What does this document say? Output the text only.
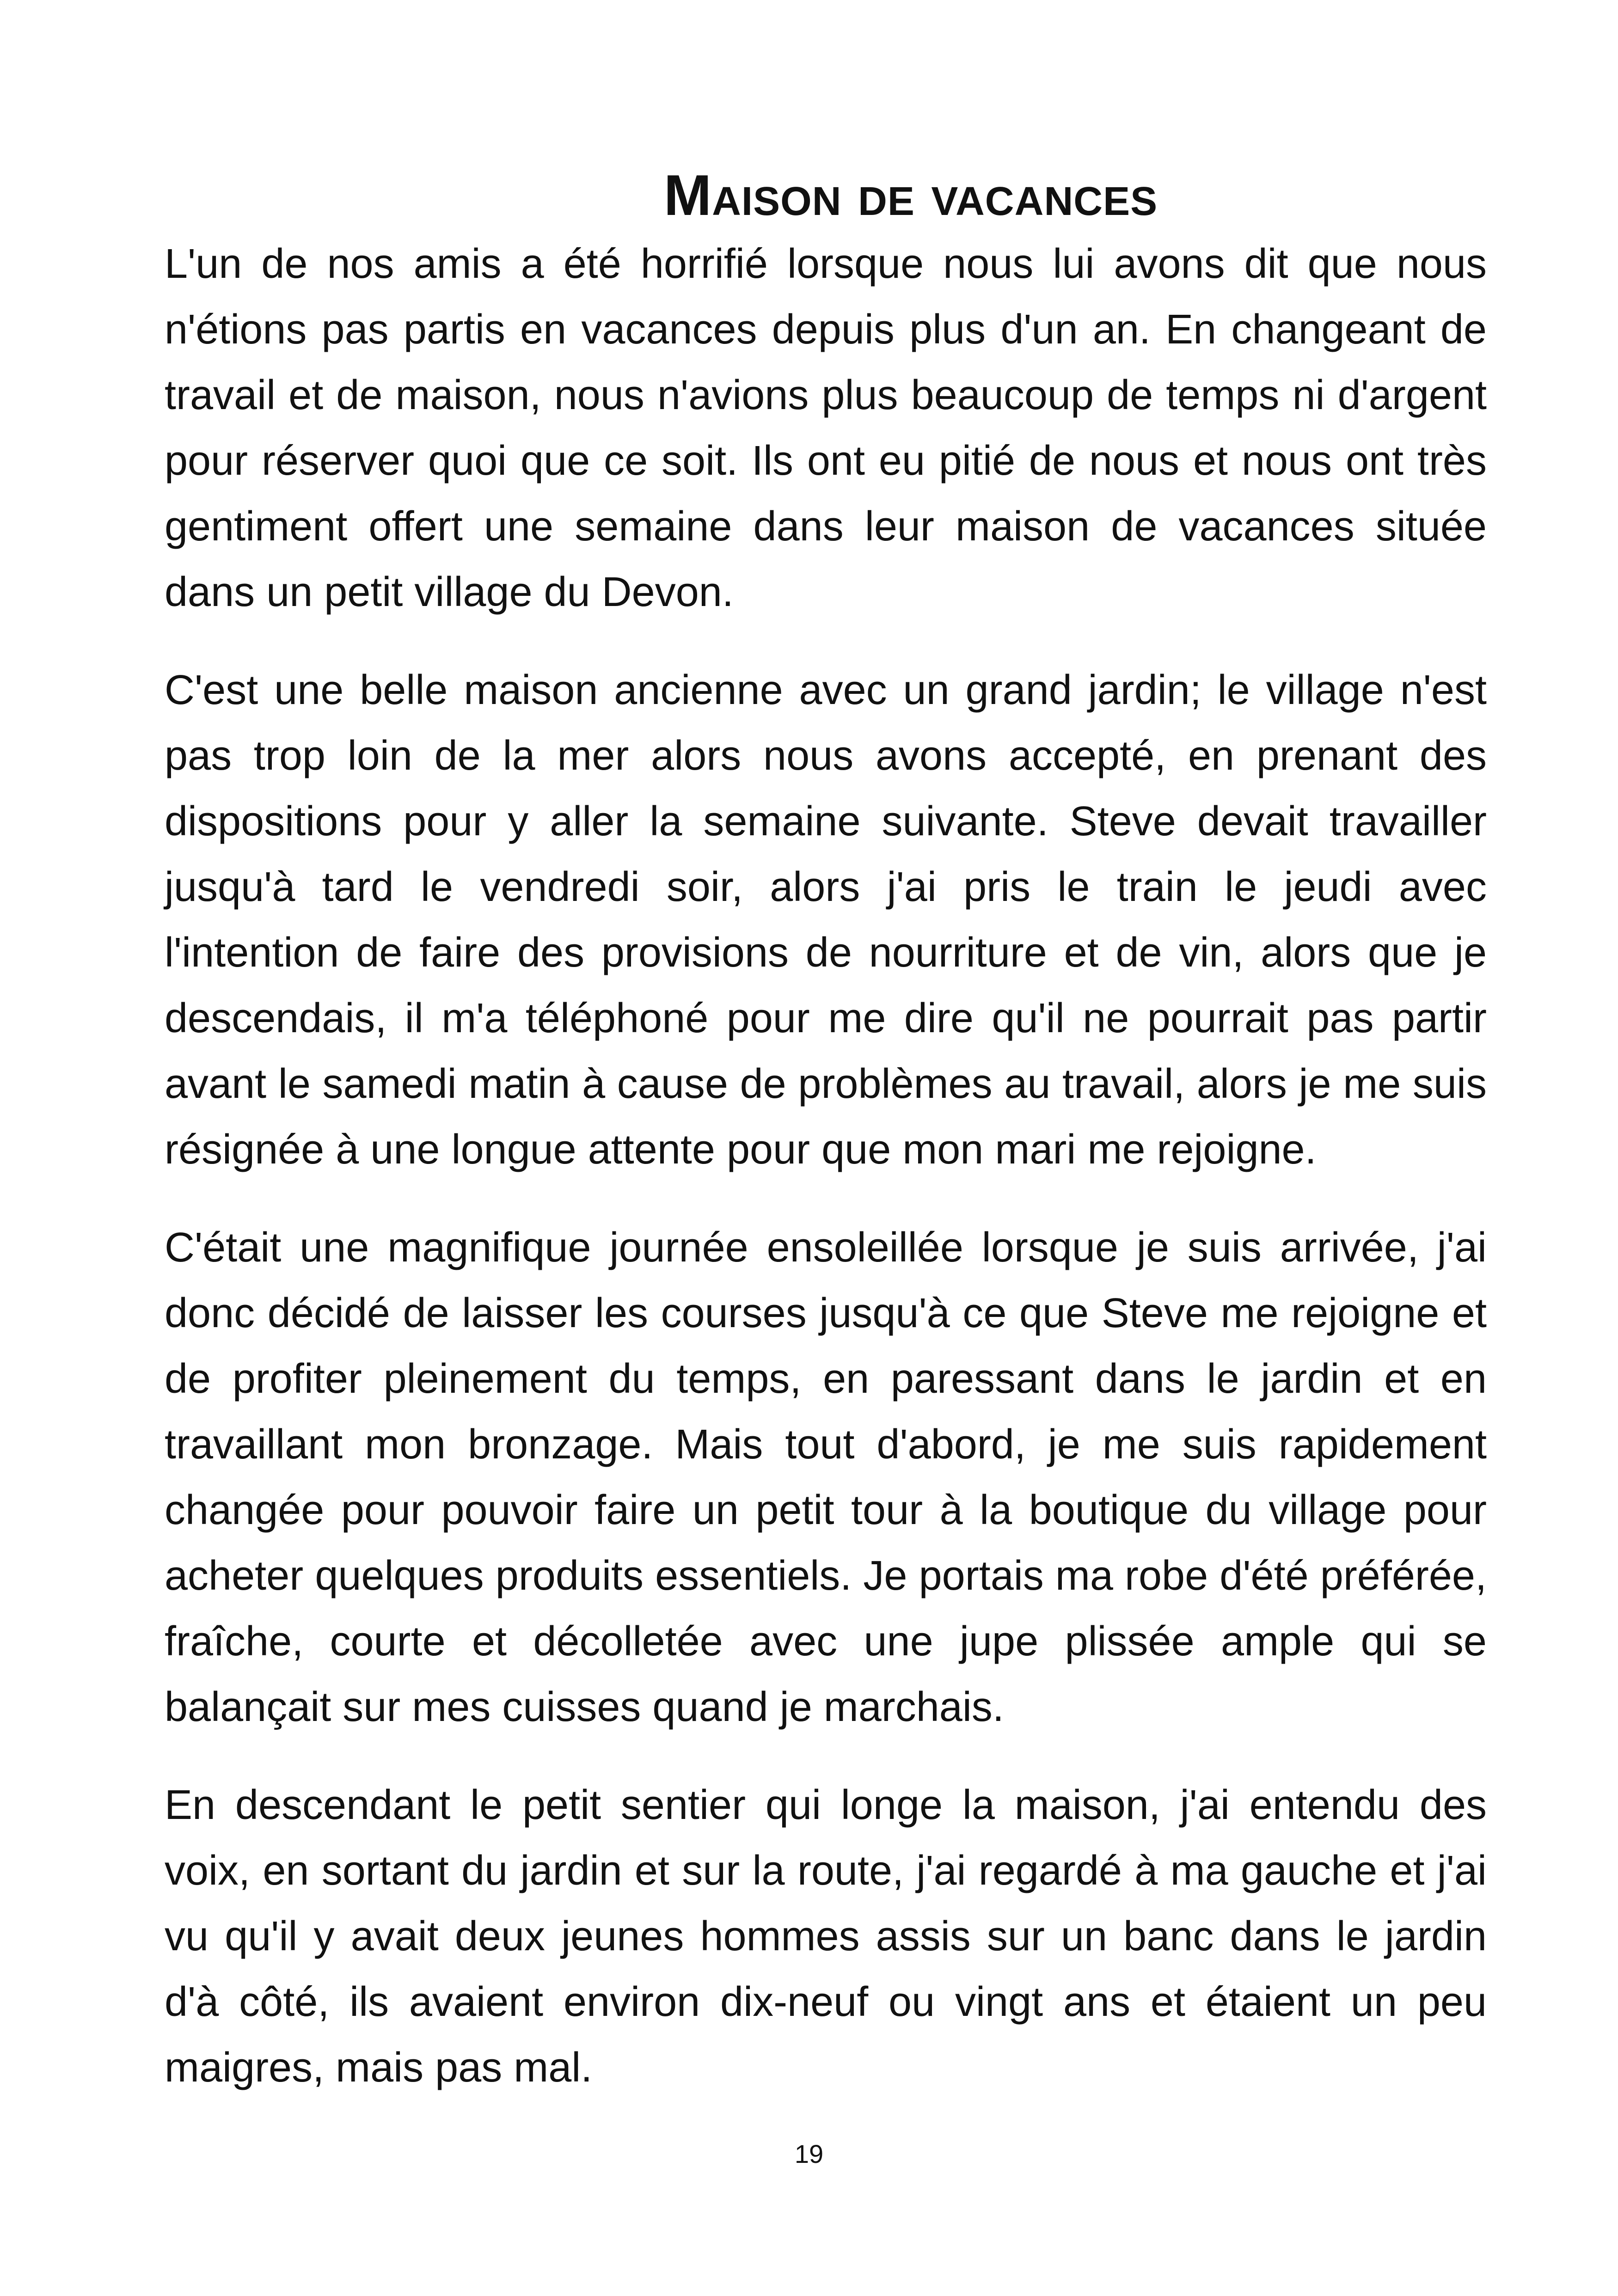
Maison de vacances

L'un de nos amis a été horrifié lorsque nous lui avons dit que nous n'étions pas partis en vacances depuis plus d'un an. En changeant de travail et de maison, nous n'avions plus beaucoup de temps ni d'argent pour réserver quoi que ce soit. Ils ont eu pitié de nous et nous ont très gentiment offert une semaine dans leur maison de vacances située dans un petit village du Devon.

C'est une belle maison ancienne avec un grand jardin; le village n'est pas trop loin de la mer alors nous avons accepté, en prenant des dispositions pour y aller la semaine suivante. Steve devait travailler jusqu'à tard le vendredi soir, alors j'ai pris le train le jeudi avec l'intention de faire des provisions de nourriture et de vin, alors que je descendais, il m'a téléphoné pour me dire qu'il ne pourrait pas partir avant le samedi matin à cause de problèmes au travail, alors je me suis résignée à une longue attente pour que mon mari me rejoigne.

C'était une magnifique journée ensoleillée lorsque je suis arrivée, j'ai donc décidé de laisser les courses jusqu'à ce que Steve me rejoigne et de profiter pleinement du temps, en paressant dans le jardin et en travaillant mon bronzage. Mais tout d'abord, je me suis rapidement changée pour pouvoir faire un petit tour à la boutique du village pour acheter quelques produits essentiels. Je portais ma robe d'été préférée, fraîche, courte et décolletée avec une jupe plissée ample qui se balançait sur mes cuisses quand je marchais.

En descendant le petit sentier qui longe la maison, j'ai entendu des voix, en sortant du jardin et sur la route, j'ai regardé à ma gauche et j'ai vu qu'il y avait deux jeunes hommes assis sur un banc dans le jardin d'à côté, ils avaient environ dix-neuf ou vingt ans et étaient un peu maigres, mais pas mal.

19
